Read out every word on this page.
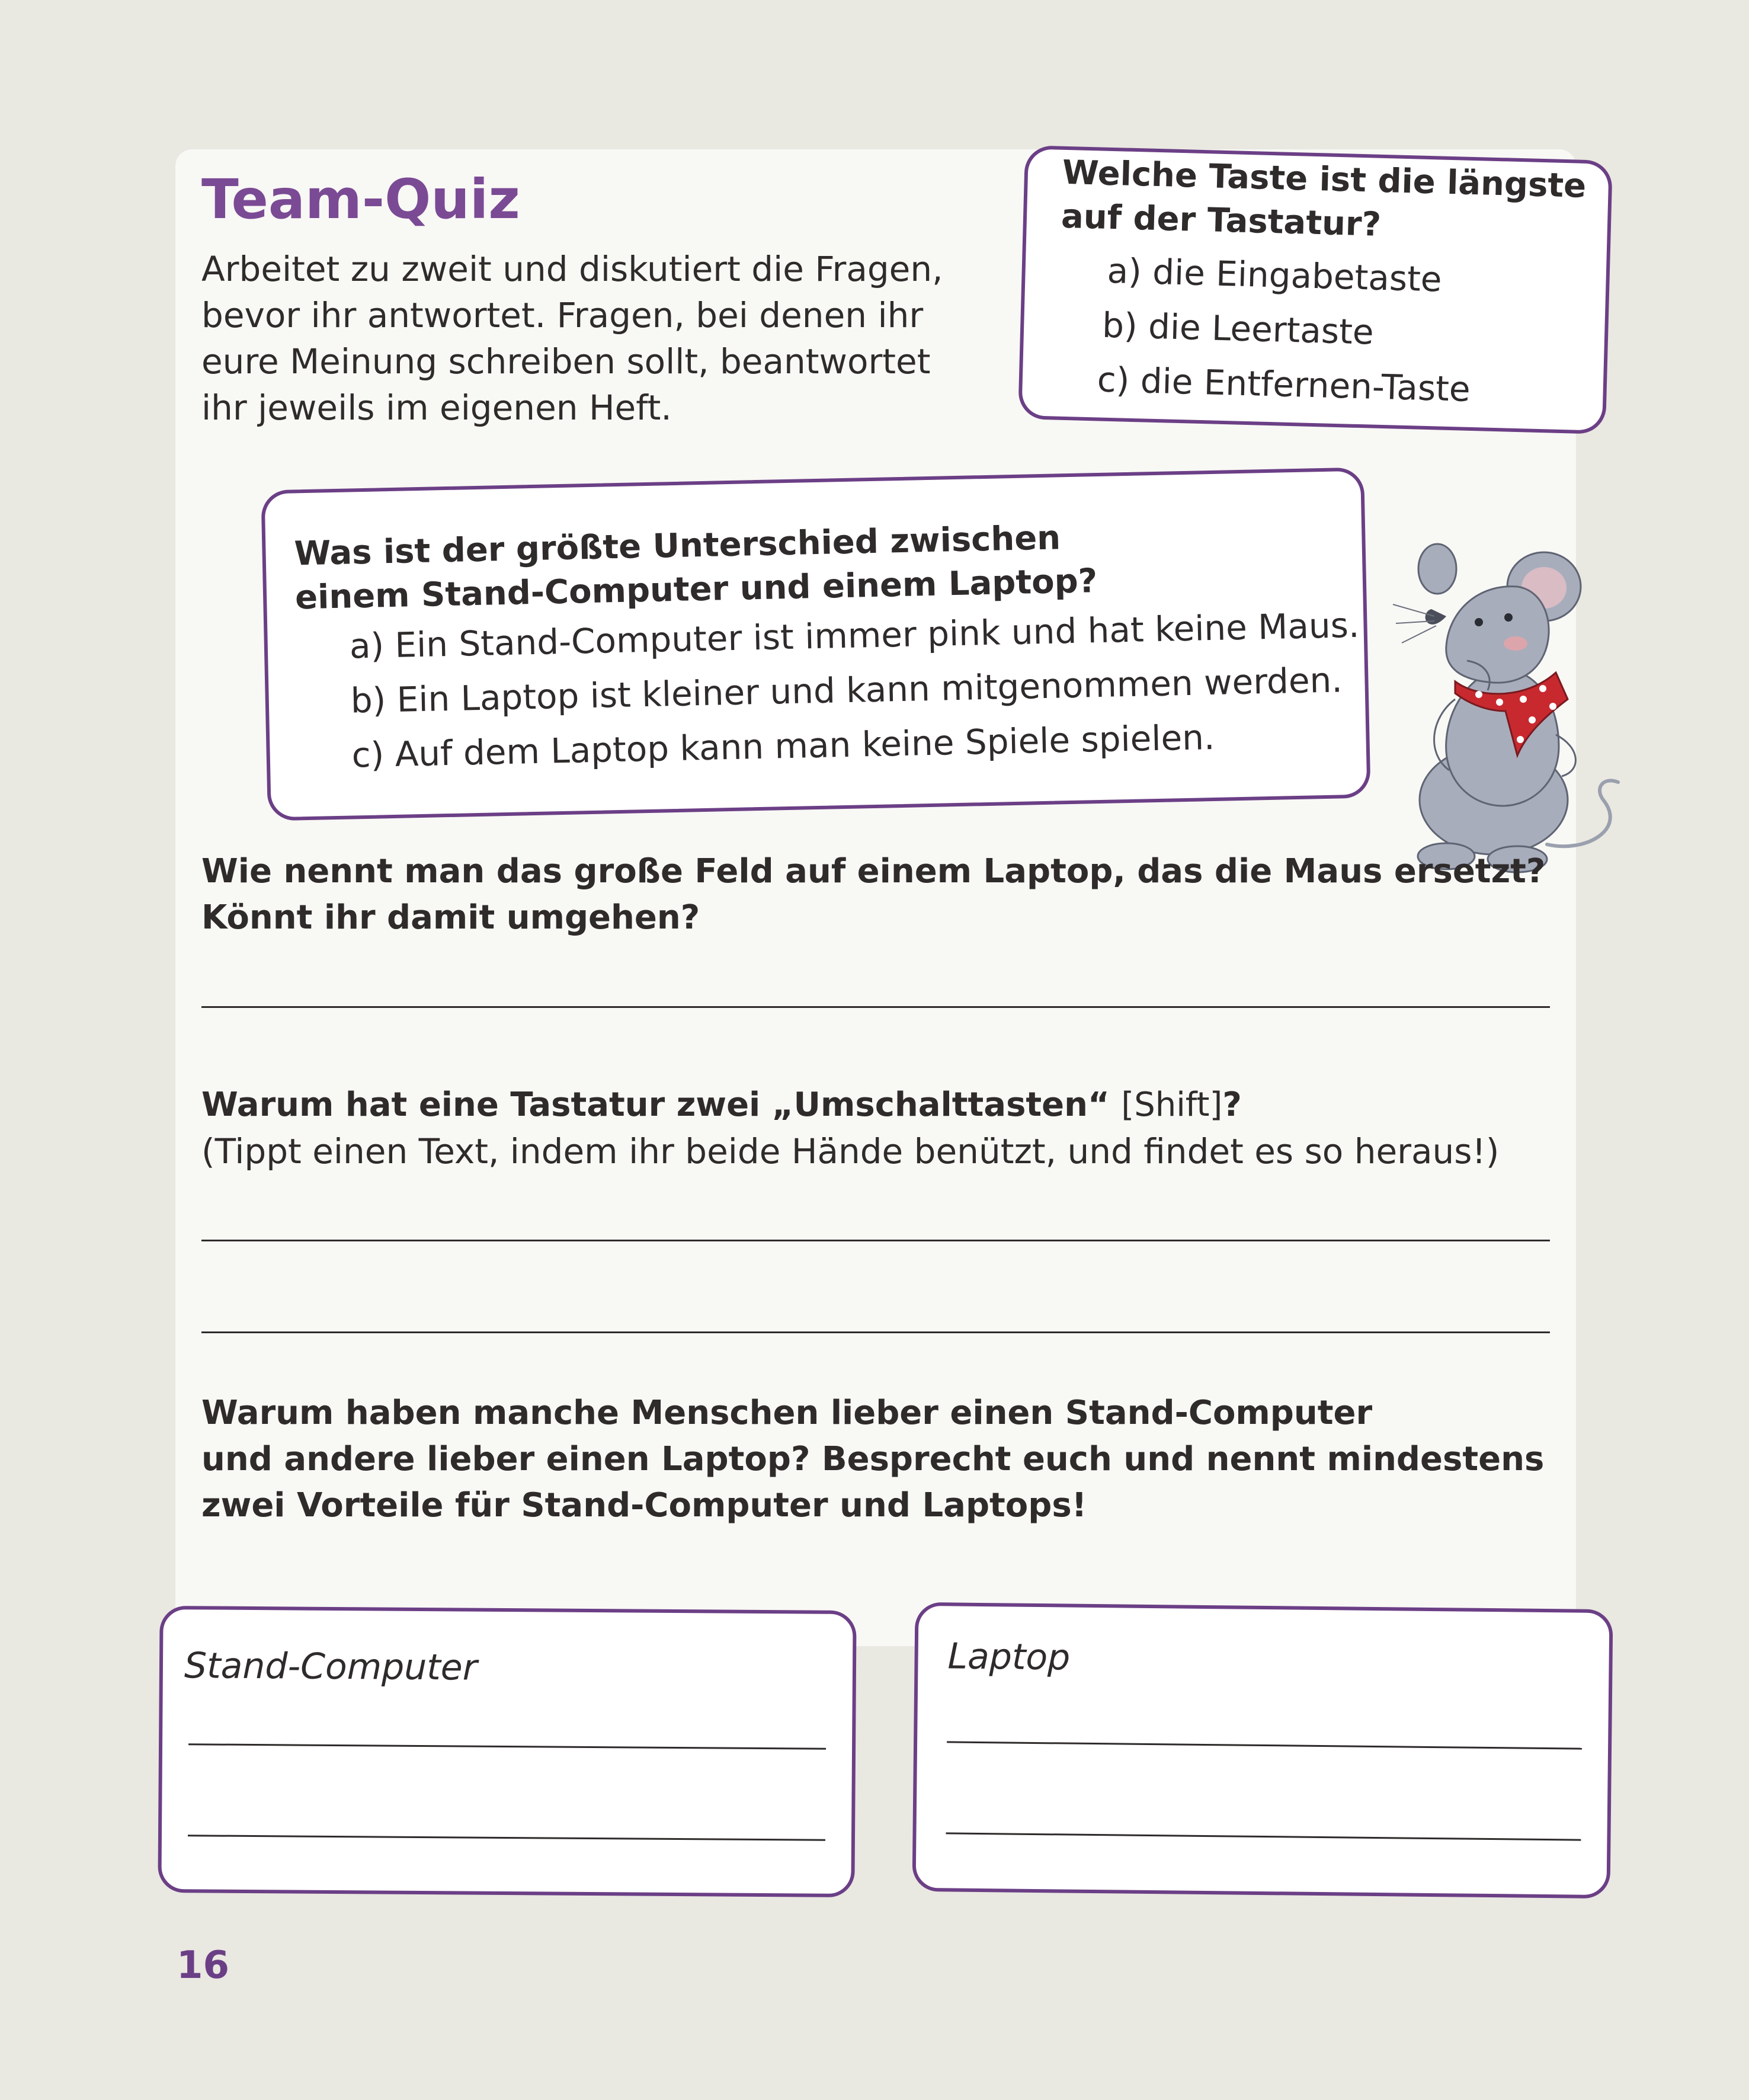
Team-Quiz
Arbeitet zu zweit und diskutiert die Fragen, bevor ihr antwortet. Fragen, bei denen ihr eure Meinung schreiben sollt, beantwortet ihr jeweils im eigenen Heft.

Welche Taste ist die längste
auf der Tastatur?

a) die Eingabetaste
b) die Leertaste
c) die Entfernen-Taste

Was ist der größte Unterschied zwischen
einem Stand-Computer und einem Laptop?

a) Ein Stand-Computer ist immer pink und hat keine Maus.
b) Ein Laptop ist kleiner und kann mitgenommen werden.
c) Auf dem Laptop kann man keine Spiele spielen.

Wie nennt man das große Feld auf einem Laptop, das die Maus ersetzt?
Könnt ihr damit umgehen?

Warum hat eine Tastatur zwei „Umschalttasten“ [Shift]?

(Tippt einen Text, indem ihr beide Hände benützt, und findet es so heraus!)

Warum haben manche Menschen lieber einen Stand-Computer
und andere lieber einen Laptop? Besprecht euch und nennt mindestens
zwei Vorteile für Stand-Computer und Laptops!

Stand-Computer	Laptop
16
